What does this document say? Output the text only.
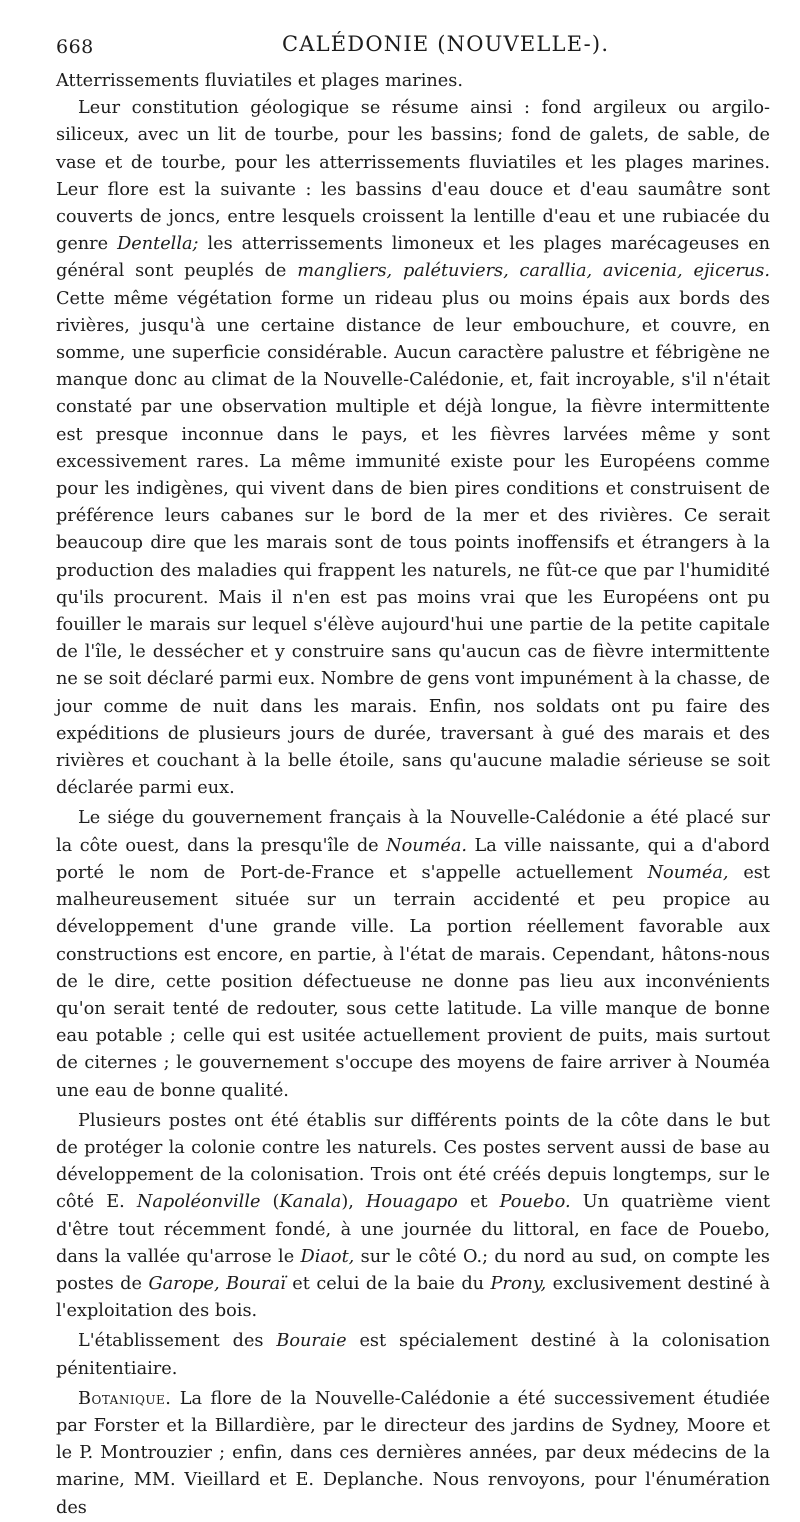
668	CALÉDONIE (NOUVELLE-).

Atterrissements fluviatiles et plages marines.

Leur constitution géologique se résume ainsi : fond argileux ou argilo-siliceux, avec un lit de tourbe, pour les bassins; fond de galets, de sable, de vase et de tourbe, pour les atterrissements fluviatiles et les plages marines. Leur flore est la suivante : les bassins d'eau douce et d'eau saumâtre sont couverts de joncs, entre lesquels croissent la lentille d'eau et une rubiacée du genre Dentella; les atterrissements limoneux et les plages marécageuses en général sont peuplés de mangliers, palétuviers, carallia, avicenia, ejicerus. Cette même végétation forme un rideau plus ou moins épais aux bords des rivières, jusqu'à une certaine distance de leur embouchure, et couvre, en somme, une superficie considérable. Aucun caractère palustre et fébrigène ne manque donc au climat de la Nouvelle-Calédonie, et, fait incroyable, s'il n'était constaté par une observation multiple et déjà longue, la fièvre intermittente est presque inconnue dans le pays, et les fièvres larvées même y sont excessivement rares. La même immunité existe pour les Européens comme pour les indigènes, qui vivent dans de bien pires conditions et construisent de préférence leurs cabanes sur le bord de la mer et des rivières. Ce serait beaucoup dire que les marais sont de tous points inoffensifs et étrangers à la production des maladies qui frappent les naturels, ne fût-ce que par l'humidité qu'ils procurent. Mais il n'en est pas moins vrai que les Européens ont pu fouiller le marais sur lequel s'élève aujourd'hui une partie de la petite capitale de l'île, le dessécher et y construire sans qu'aucun cas de fièvre intermittente ne se soit déclaré parmi eux. Nombre de gens vont impunément à la chasse, de jour comme de nuit dans les marais. Enfin, nos soldats ont pu faire des expéditions de plusieurs jours de durée, traversant à gué des marais et des rivières et couchant à la belle étoile, sans qu'aucune maladie sérieuse se soit déclarée parmi eux.

Le siége du gouvernement français à la Nouvelle-Calédonie a été placé sur la côte ouest, dans la presqu'île de Nouméa. La ville naissante, qui a d'abord porté le nom de Port-de-France et s'appelle actuellement Nouméa, est malheureusement située sur un terrain accidenté et peu propice au développement d'une grande ville. La portion réellement favorable aux constructions est encore, en partie, à l'état de marais. Cependant, hâtons-nous de le dire, cette position défectueuse ne donne pas lieu aux inconvénients qu'on serait tenté de redouter, sous cette latitude. La ville manque de bonne eau potable ; celle qui est usitée actuellement provient de puits, mais surtout de citernes ; le gouvernement s'occupe des moyens de faire arriver à Nouméa une eau de bonne qualité.

Plusieurs postes ont été établis sur différents points de la côte dans le but de protéger la colonie contre les naturels. Ces postes servent aussi de base au développement de la colonisation. Trois ont été créés depuis longtemps, sur le côté E. Napoléonville (Kanala), Houagapo et Pouebo. Un quatrième vient d'être tout récemment fondé, à une journée du littoral, en face de Pouebo, dans la vallée qu'arrose le Diaot, sur le côté O.; du nord au sud, on compte les postes de Garope, Bouraï et celui de la baie du Prony, exclusivement destiné à l'exploitation des bois.

L'établissement des Bouraie est spécialement destiné à la colonisation pénitentiaire.

Botanique. La flore de la Nouvelle-Calédonie a été successivement étudiée par Forster et la Billardière, par le directeur des jardins de Sydney, Moore et le P. Montrouzier ; enfin, dans ces dernières années, par deux médecins de la marine, MM. Vieillard et E. Deplanche. Nous renvoyons, pour l'énumération des
